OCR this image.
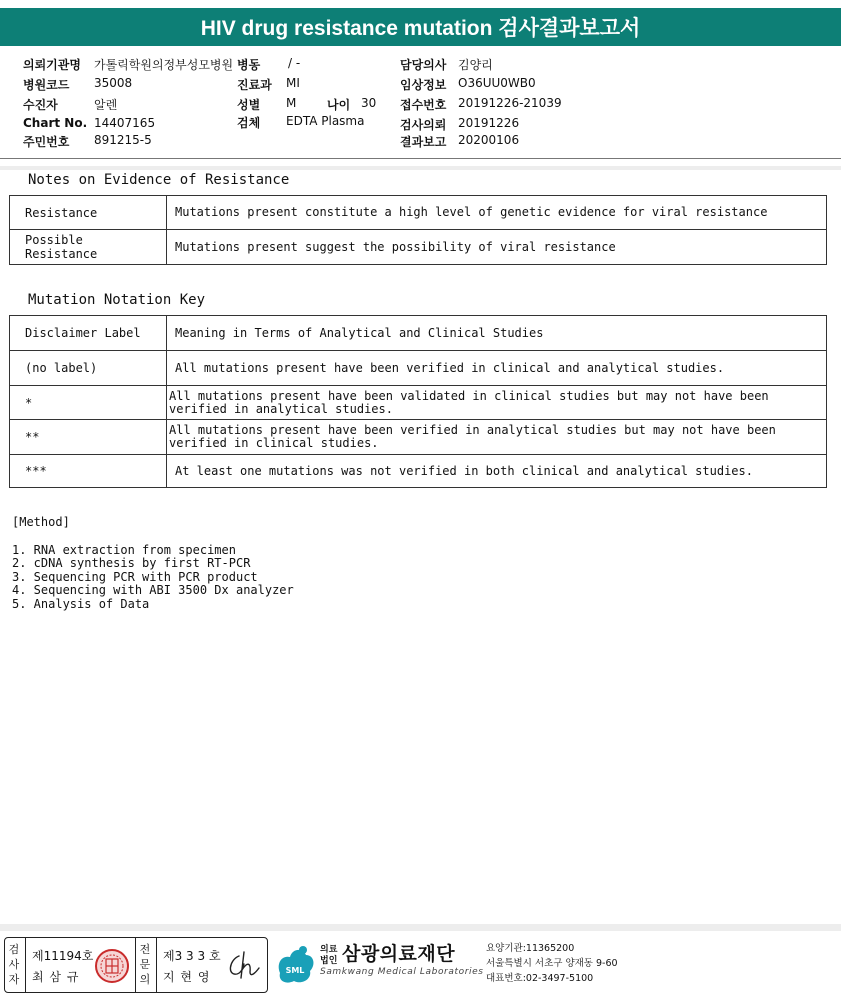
HIV drug resistance mutation 검사결과보고서
의뢰기관명 가톨릭학원의정부성모병원 병동 / -	담당의사 김양리
병원코드 35008	진료과 MI	임상정보 O36UU0WB0
수진자	알렌	성별 M	나이 30 접수번호 20191226-21039
Chart No. 14407165	검체 EDTA Plasma	검사의뢰 20191226
주민번호 891215-5	결과보고 20200106
Notes on Evidence of Resistance
Resistance	Mutations present constitute a high level of genetic evidence for viral resistance
Possible Resistance	Mutations present suggest the possibility of viral resistance
Mutation Notation Key
Disclaimer Label	Meaning in Terms of Analytical and Clinical Studies
(no label)	All mutations present have been verified in clinical and analytical studies.
*	All mutations present have been validated in clinical studies but may not have been verified in analytical studies.
**	All mutations present have been verified in analytical studies but may not have been verified in clinical studies.
***	At least one mutations was not verified in both clinical and analytical studies.
[Method]
1. RNA extraction from specimen
2. cDNA synthesis by first RT-PCR
3. Sequencing PCR with PCR product
4. Sequencing with ABI 3500 Dx analyzer
5. Analysis of Data
검
사
자
제11194호
최 삼 규
전
문
의
제3 3 3 호
지 현 영	SML
의료
법인 삼광의료재단
Samkwang Medical Laboratories
요양기관:11365200
서울특별시 서초구 양재동 9-60
대표번호:02-3497-5100
